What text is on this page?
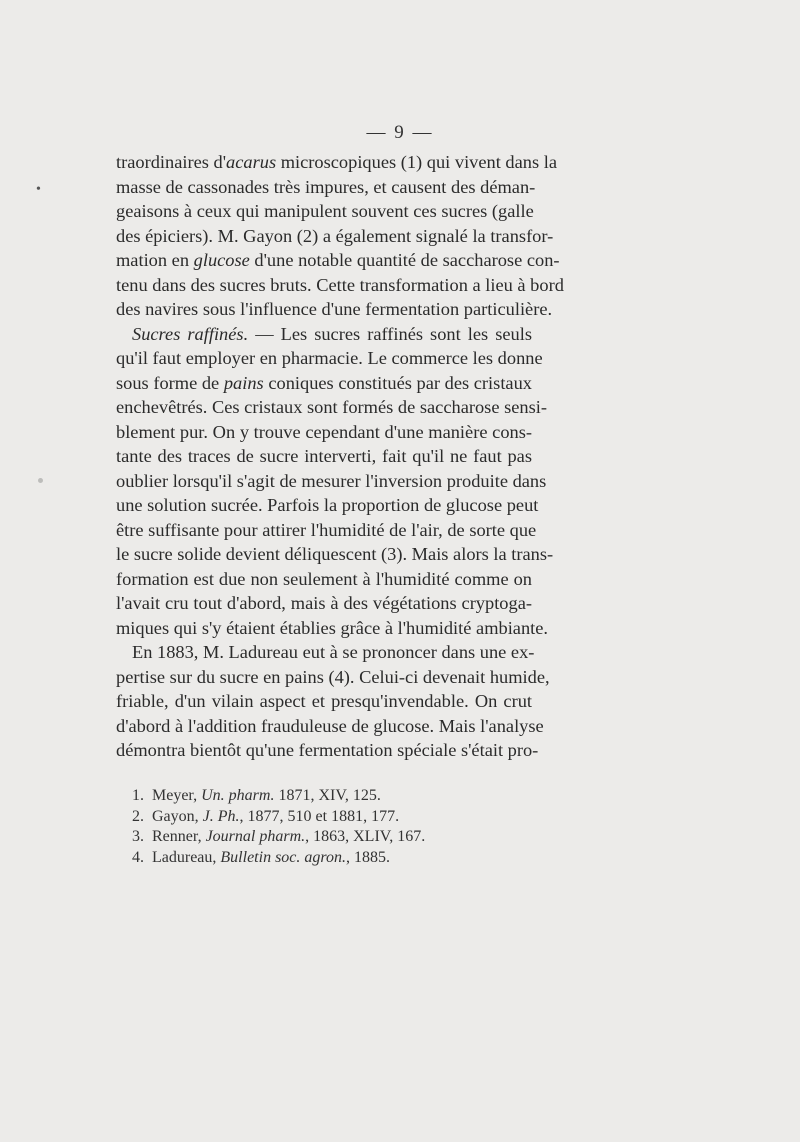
•
— 9 —
traordinaires d'acarus microscopiques (1) qui vivent dans la
masse de cassonades très impures, et causent des déman-
geaisons à ceux qui manipulent souvent ces sucres (galle
des épiciers). M. Gayon (2) a également signalé la transfor-
mation en glucose d'une notable quantité de saccharose con-
tenu dans des sucres bruts. Cette transformation a lieu à bord
des navires sous l'influence d'une fermentation particulière.
Sucres raffinés. — Les sucres raffinés sont les seuls
qu'il faut employer en pharmacie. Le commerce les donne
sous forme de pains coniques constitués par des cristaux
enchevêtrés. Ces cristaux sont formés de saccharose sensi-
blement pur. On y trouve cependant d'une manière cons-
tante des traces de sucre interverti, fait qu'il ne faut pas
oublier lorsqu'il s'agit de mesurer l'inversion produite dans
une solution sucrée. Parfois la proportion de glucose peut
être suffisante pour attirer l'humidité de l'air, de sorte que
le sucre solide devient déliquescent (3). Mais alors la trans-
formation est due non seulement à l'humidité comme on
l'avait cru tout d'abord, mais à des végétations cryptoga-
miques qui s'y étaient établies grâce à l'humidité ambiante.
En 1883, M. Ladureau eut à se prononcer dans une ex-
pertise sur du sucre en pains (4). Celui-ci devenait humide,
friable, d'un vilain aspect et presqu'invendable. On crut
d'abord à l'addition frauduleuse de glucose. Mais l'analyse
démontra bientôt qu'une fermentation spéciale s'était pro-
1. Meyer, Un. pharm. 1871, XIV, 125.
2. Gayon, J. Ph., 1877, 510 et 1881, 177.
3. Renner, Journal pharm., 1863, XLIV, 167.
4. Ladureau, Bulletin soc. agron., 1885.
